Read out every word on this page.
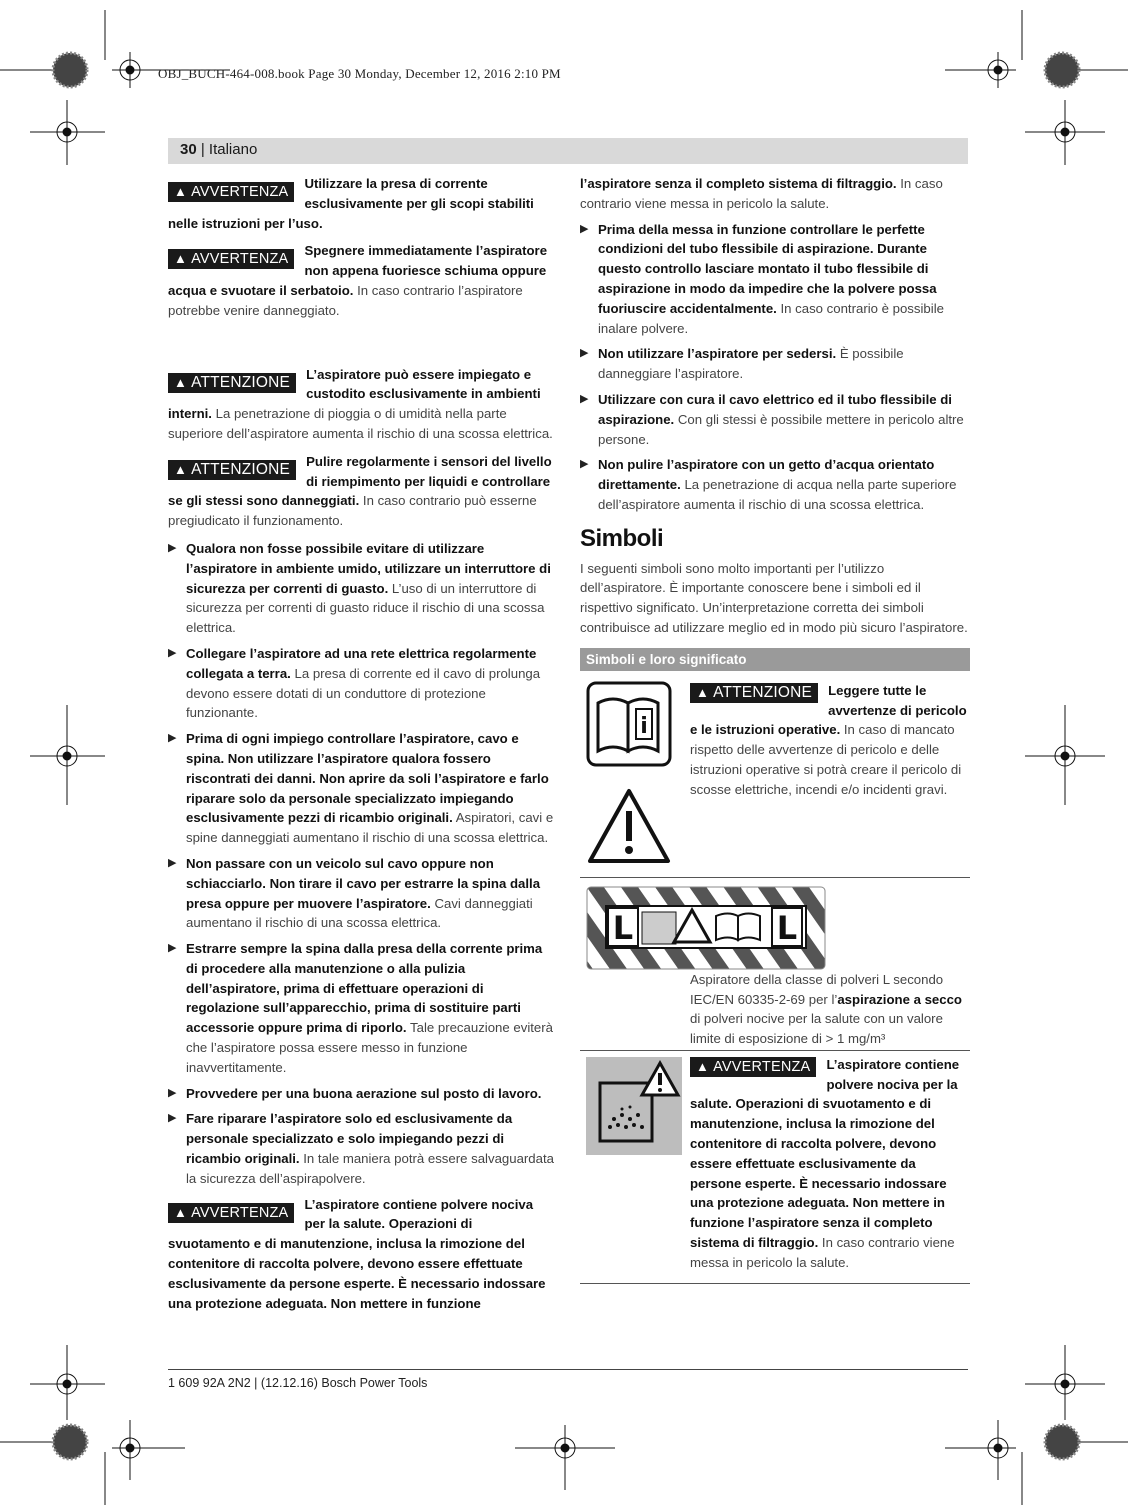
OBJ_BUCH-464-008.book Page 30 Monday, December 12, 2016 2:10 PM
30 | Italiano
▲ AVVERTENZA

Utilizzare la presa di corrente esclusivamente per gli scopi stabiliti nelle istruzioni per l’uso.

▲ AVVERTENZA

Spegnere immediatamente l’aspiratore non appena fuoriesce schiuma oppure acqua e svuotare il serbatoio. In caso contrario l’aspiratore potrebbe venire danneggiato.

▲ ATTENZIONE	L’aspiratore può essere impiegato e custodito esclusivamente in ambienti interni. La penetrazione di pioggia o di umidità nella parte superiore dell’aspiratore aumenta il rischio di una scossa elettrica.

▲ ATTENZIONE	Pulire regolarmente i sensori del livello di riempimento per liquidi e controllare se gli stessi sono danneggiati. In caso contrario può esserne pregiudicato il funzionamento.

▶ Qualora non fosse possibile evitare di utilizzare l’aspiratore in ambiente umido, utilizzare un interruttore di sicurezza per correnti di guasto. L’uso di un interruttore di sicurezza per correnti di guasto riduce il rischio di una scossa elettrica.
▶ Collegare l’aspiratore ad una rete elettrica regolarmente collegata a terra. La presa di corrente ed il cavo di prolunga devono essere dotati di un conduttore di protezione funzionante.
▶ Prima di ogni impiego controllare l’aspiratore, cavo e spina. Non utilizzare l’aspiratore qualora fossero riscontrati dei danni. Non aprire da soli l’aspiratore e farlo riparare solo da personale specializzato impiegando esclusivamente pezzi di ricambio originali. Aspiratori, cavi e spine danneggiati aumentano il rischio di una scossa elettrica.
▶ Non passare con un veicolo sul cavo oppure non schiacciarlo. Non tirare il cavo per estrarre la spina dalla presa oppure per muovere l’aspiratore. Cavi danneggiati aumentano il rischio di una scossa elettrica.
▶ Estrarre sempre la spina dalla presa della corrente prima di procedere alla manutenzione o alla pulizia dell’aspiratore, prima di effettuare operazioni di regolazione sull’apparecchio, prima di sostituire parti accessorie oppure prima di riporlo. Tale precauzione eviterà che l’aspiratore possa essere messo in funzione inavvertitamente.
▶ Provvedere per una buona aerazione sul posto di lavoro.
▶ Fare riparare l’aspiratore solo ed esclusivamente da personale specializzato e solo impiegando pezzi di ricambio originali. In tale maniera potrà essere salvaguardata la sicurezza dell’aspirapolvere.
▲ AVVERTENZA

L’aspiratore contiene polvere nociva per la salute. Operazioni di svuotamento e di manutenzione, inclusa la rimozione del contenitore di raccolta polvere, devono essere effettuate esclusivamente da persone esperte. È necessario indossare una protezione adeguata. Non mettere in funzione

l’aspiratore senza il completo sistema di filtraggio. In caso contrario viene messa in pericolo la salute.

▶ Prima della messa in funzione controllare le perfette condizioni del tubo flessibile di aspirazione. Durante questo controllo lasciare montato il tubo flessibile di aspirazione in modo da impedire che la polvere possa fuoriuscire accidentalmente. In caso contrario è possibile inalare polvere.
▶ Non utilizzare l’aspiratore per sedersi. È possibile danneggiare l’aspiratore.
▶ Utilizzare con cura il cavo elettrico ed il tubo flessibile di aspirazione. Con gli stessi è possibile mettere in pericolo altre persone.
▶ Non pulire l’aspiratore con un getto d’acqua orientato direttamente. La penetrazione di acqua nella parte superiore dell’aspiratore aumenta il rischio di una scossa elettrica.
Simboli

I seguenti simboli sono molto importanti per l’utilizzo dell’aspiratore. È importante conoscere bene i simboli ed il rispettivo significato. Un’interpretazione corretta dei simboli contribuisce ad utilizzare meglio ed in modo più sicuro l’aspiratore.

Simboli e loro significato
i
▲ ATTENZIONE	Leggere tutte le avvertenze di pericolo e le istruzioni operative. In caso di mancato rispetto delle avvertenze di pericolo e delle istruzioni operative si potrà creare il pericolo di scosse elettriche, incendi e/o incidenti gravi.
L	L

Aspiratore della classe di polveri L secondo IEC/EN 60335-2-69 per l’aspirazione a secco di polveri nocive per la salute con un valore limite di esposizione di > 1 mg/m³

▲ AVVERTENZA	L’aspiratore contiene polvere nociva per la salute. Operazioni di svuotamento e di manutenzione, inclusa la rimozione del contenitore di raccolta polvere, devono essere effettuate esclusivamente da persone esperte. È necessario indossare una protezione adeguata. Non mettere in funzione l’aspiratore senza il completo sistema di filtraggio. In caso contrario viene messa in pericolo la salute.
1 609 92A 2N2 | (12.12.16) Bosch Power Tools
